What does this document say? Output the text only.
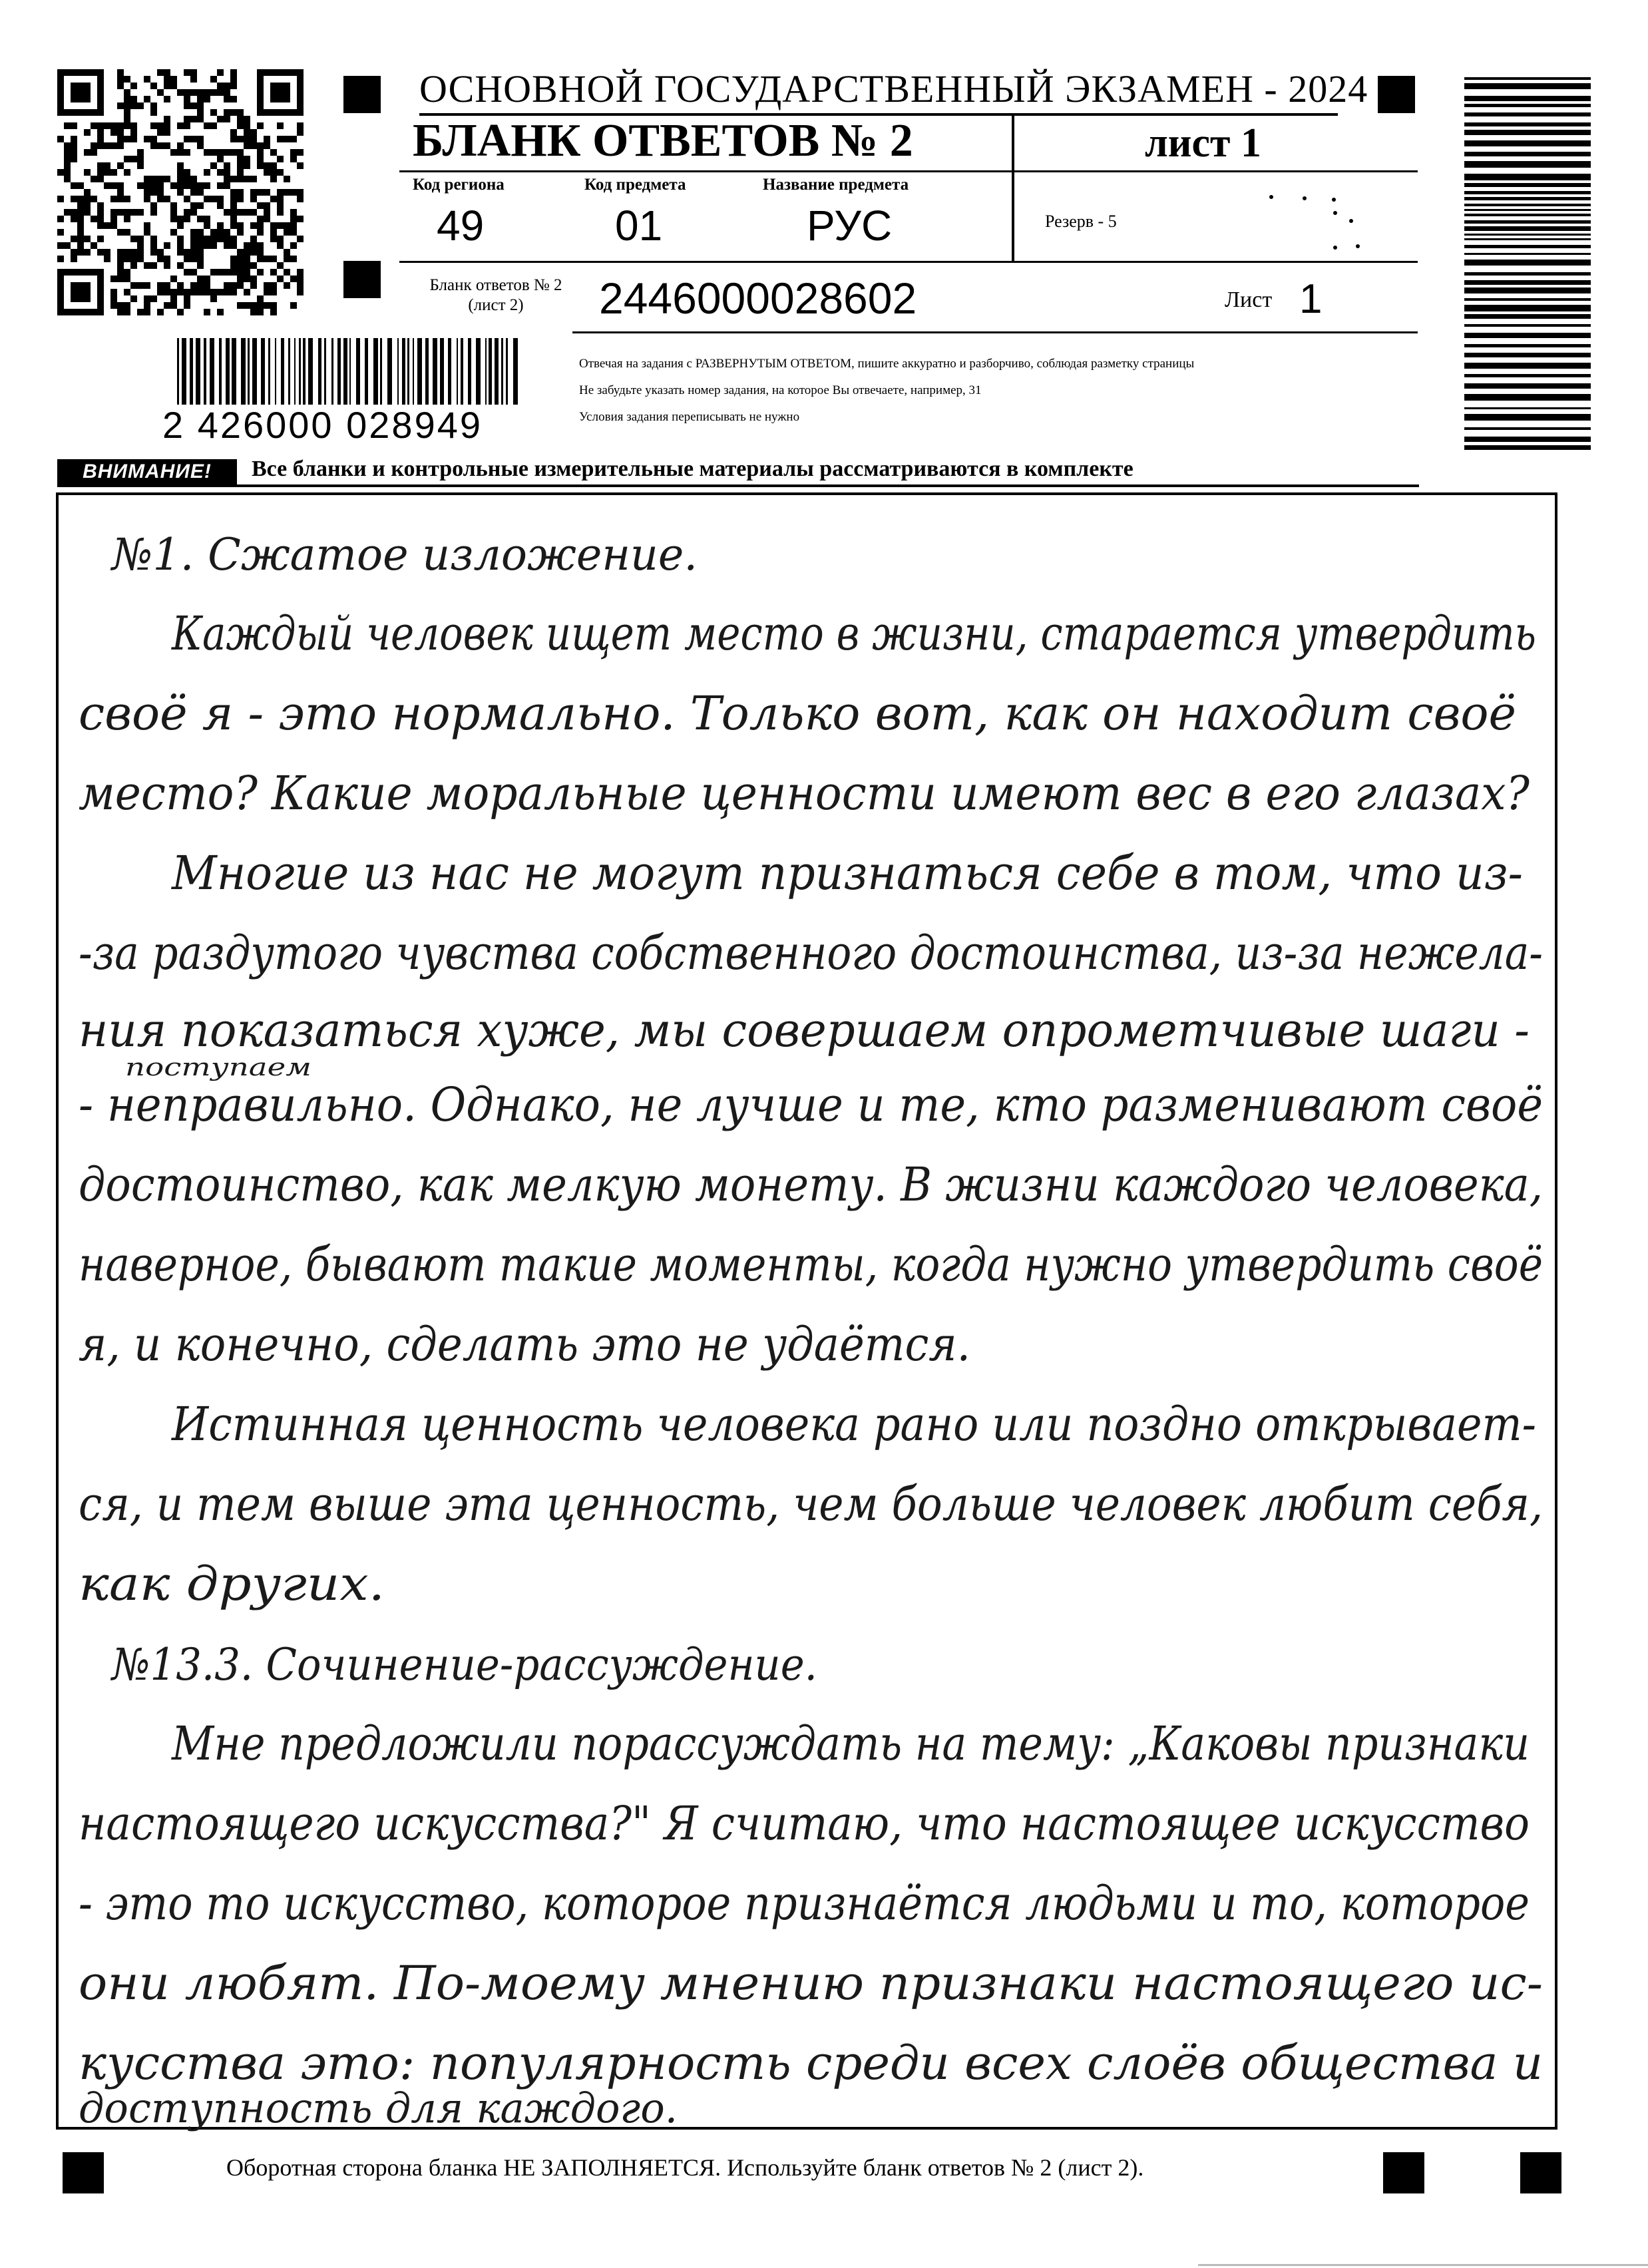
ОСНОВНОЙ ГОСУДАРСТВЕННЫЙ ЭКЗАМЕН - 2024
БЛАНК ОТВЕТОВ № 2	лист 1
Код региона	Код предмета	Название предмета
49	01	РУС	Резерв - 5
Бланк ответов № 2
(лист 2)	2446000028602	Лист 1
Отвечая на задания с РАЗВЕРНУТЫМ ОТВЕТОМ, пишите аккуратно и разборчиво, соблюдая разметку страницы
Не забудьте указать номер задания, на которое Вы отвечаете, например, 31
Условия задания переписывать не нужно
2 426000 028949
ВНИМАНИЕ!	Все бланки и контрольные измерительные материалы рассматриваются в комплекте
№1. Сжатое изложение.
Каждый человек ищет место в жизни, старается утвердить
своё я - это нормально. Только вот, как он находит своё
место? Какие моральные ценности имеют вес в его глазах?
Многие из нас не могут признаться себе в том, что из-
-за раздутого чувства собственного достоинства, из-за нежела-
ния показаться хуже, мы совершаем опрометчивые шаги -
поступаем
- неправильно. Однако, не лучше и те, кто разменивают своё
достоинство, как мелкую монету. В жизни каждого человека,
наверное, бывают такие моменты, когда нужно утвердить своё
я, и конечно, сделать это не удаётся.
Истинная ценность человека рано или поздно открывает-
ся, и тем выше эта ценность, чем больше человек любит себя,
как других.
№13.3. Сочинение-рассуждение.
Мне предложили порассуждать на тему: „Каковы признаки
настоящего искусства?" Я считаю, что настоящее искусство
- это то искусство, которое признаётся людьми и то, которое
они любят. По-моему мнению признаки настоящего ис-
кусства это: популярность среди всех слоёв общества и
доступность для каждого.
Оборотная сторона бланка НЕ ЗАПОЛНЯЕТСЯ. Используйте бланк ответов № 2 (лист 2).
